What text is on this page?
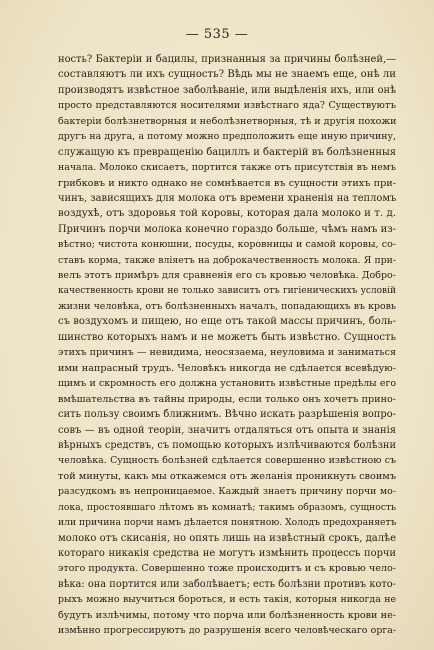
— 535 —
ность? Бактеріи и бацилы, признанныя за причины болѣзней,—
составляютъ ли ихъ сущность? Вѣдь мы не знаемъ еще, онѣ ли
производятъ извѣстное заболѣваніе, или выдѣленія ихъ, или онѣ
просто представляются носителями извѣстнаго яда? Существуютъ
бактеріи болѣзнетворныя и неболѣзнетворныя, тѣ и другія похожи
другъ на друга, а потому можно предположить еще иную причину,
служащую къ превращенію бациллъ и бактерій въ болѣзненныя
начала. Молоко скисаетъ, портится также отъ присутствія въ немъ
грибковъ и никто однако не сомнѣвается въ сущности этихъ при-
чинъ, зависящихъ для молока отъ времени храненія на тепломъ
воздухѣ, отъ здоровья той коровы, которая дала молоко и т. д.
Причинъ порчи молока конечно гораздо больше, чѣмъ намъ из-
вѣстно; чистота конюшни, посуды, коровницы и самой коровы, со-
ставъ корма, также вліяетъ на доброкачественность молока. Я при-
велъ этотъ примѣръ для сравненія его съ кровью человѣка. Добро-
качественность крови не только зависитъ отъ гигіеническихъ условій
жизни человѣка, отъ болѣзненныхъ началъ, попадающихъ въ кровь
съ воздухомъ и пищею, но еще отъ такой массы причинъ, боль-
шинство которыхъ намъ и не можетъ быть извѣстно. Сущность
этихъ причинъ — невидима, неосязаема, неуловима и заниматься
ими напрасный трудъ. Человѣкъ никогда не сдѣлается всевѣдую-
щимъ и скромность его должна установить извѣстные предѣлы его
вмѣшательства въ тайны природы, если только онъ хочетъ прино-
сить пользу своимъ ближнимъ. Вѣчно искать разрѣшенія вопро-
совъ — въ одной теоріи, значитъ отдаляться отъ опыта и знанія
вѣрныхъ средствъ, съ помощью которыхъ излѣчиваются болѣзни
человѣка. Сущность болѣзней сдѣлается совершенно извѣстною съ
той минуты, какъ мы откажемся отъ желанія проникнуть своимъ
разсудкомъ въ непроницаемое. Каждый знаетъ причину порчи мо-
лока, простоявшаго лѣтомъ въ комнатѣ; такимъ образомъ, сущность
или причина порчи намъ дѣлается понятною. Холодъ предохраняетъ
молоко отъ скисанія, но опять лишь на извѣстный срокъ, далѣе
котораго никакія средства не могутъ измѣнить процессъ порчи
этого продукта. Совершенно тоже происходитъ и съ кровью чело-
вѣка: она портится или заболѣваетъ; есть болѣзни противъ кото-
рыхъ можно выучиться бороться, и есть такія, которыя никогда не
будутъ излѣчимы, потому что порча или болѣзненность крови не-
измѣнно прогрессируютъ до разрушенія всего человѣческаго орга-
